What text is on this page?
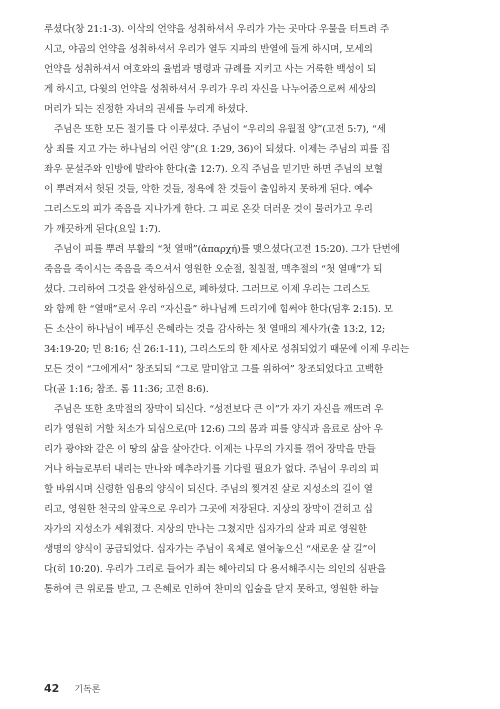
루셨다(창 21:1-3). 이삭의 언약을 성취하셔서 우리가 가는 곳마다 우물을 터트려 주
시고, 야곱의 언약을 성취하셔서 우리가 열두 지파의 반열에 들게 하시며, 모세의
언약을 성취하셔서 여호와의 율법과 명령과 규례를 지키고 사는 거룩한 백성이 되
게 하시고, 다윗의 언약을 성취하셔서 우리가 우리 자신을 나누어줌으로써 세상의
머리가 되는 진정한 자녀의 권세를 누리게 하셨다.
주님은 또한 모든 절기를 다 이루셨다. 주님이 “우리의 유월절 양”(고전 5:7), “세
상 죄를 지고 가는 하나님의 어린 양”(요 1:29, 36)이 되셨다. 이제는 주님의 피를 집
좌우 문설주와 인방에 발라야 한다(출 12:7). 오직 주님을 믿기만 하면 주님의 보혈
이 뿌려져서 헛된 것들, 악한 것들, 정욕에 찬 것들이 출입하지 못하게 된다. 예수
그리스도의 피가 죽음을 지나가게 한다. 그 피로 온갖 더러운 것이 물러가고 우리
가 깨끗하게 된다(요일 1:7).
주님이 피를 뿌려 부활의 “첫 열매”(ἀπαρχή)를 맺으셨다(고전 15:20). 그가 단번에
죽음을 죽이시는 죽음을 죽으셔서 영원한 오순절, 칠칠절, 맥추절의 “첫 열매”가 되
셨다. 그리하여 그것을 완성하심으로, 폐하셨다. 그러므로 이제 우리는 그리스도
와 함께 한 “열매”로서 우리 “자신을” 하나님께 드리기에 힘써야 한다(딤후 2:15). 모
든 소산이 하나님이 베푸신 은혜라는 것을 감사하는 첫 열매의 제사가(출 13:2, 12;
34:19-20; 민 8:16; 신 26:1-11), 그리스도의 한 제사로 성취되었기 때문에 이제 우리는
모든 것이 “그에게서” 창조되되 “그로 말미암고 그를 위하여” 창조되었다고 고백한
다(골 1:16; 참조. 롬 11:36; 고전 8:6).
주님은 또한 초막절의 장막이 되신다. “성전보다 큰 이”가 자기 자신을 깨뜨려 우
리가 영원히 거할 처소가 되심으로(마 12:6) 그의 몸과 피를 양식과 음료로 삼아 우
리가 광야와 같은 이 땅의 삶을 살아간다. 이제는 나무의 가지를 꺾어 장막을 만들
거나 하늘로부터 내리는 만나와 메추라기를 기다릴 필요가 없다. 주님이 우리의 피
할 바위시며 신령한 임용의 양식이 되신다. 주님의 찢겨진 살로 지성소의 길이 열
리고, 영원한 천국의 앞곡으로 우리가 그곳에 저장된다. 지상의 장막이 걷히고 십
자가의 지성소가 세워졌다. 지상의 만나는 그쳤지만 십자가의 살과 피로 영원한
생명의 양식이 공급되었다. 십자가는 주님이 육체로 열어놓으신 “새로운 살 길”이
다(히 10:20). 우리가 그리로 들어가 죄는 헤아리되 다 용서해주시는 의인의 심판을
통하여 큰 위로를 받고, 그 은혜로 인하여 찬미의 입술을 닫지 못하고, 영원한 하늘
42 기독론
